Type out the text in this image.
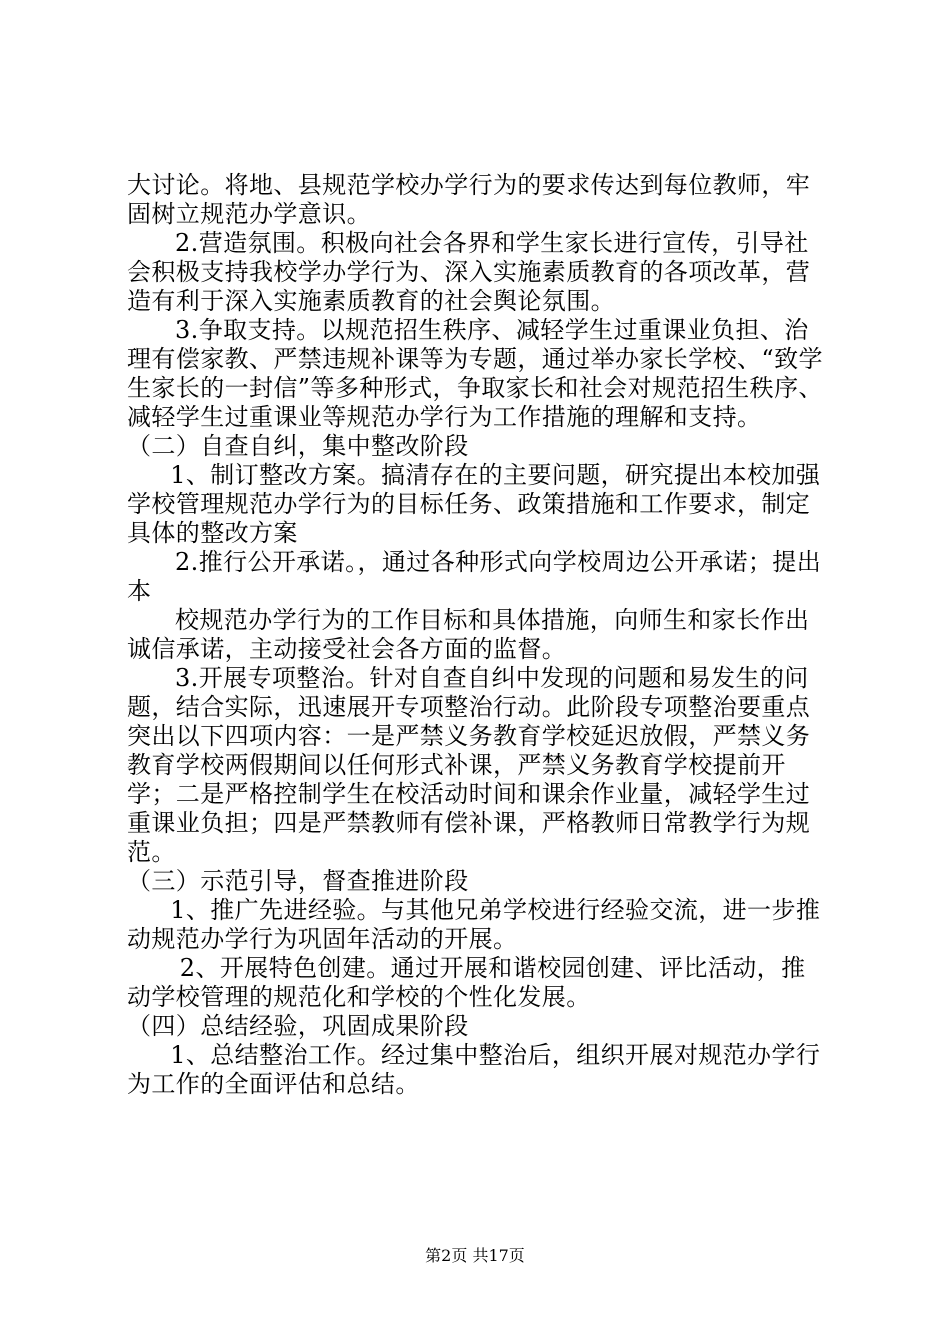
大讨论。将地、县规范学校办学行为的要求传达到每位教师，牢固树立规范办学意识。

2.营造氛围。积极向社会各界和学生家长进行宣传，引导社会积极支持我校学办学行为、深入实施素质教育的各项改革，营造有利于深入实施素质教育的社会舆论氛围。

3.争取支持。以规范招生秩序、减轻学生过重课业负担、治理有偿家教、严禁违规补课等为专题，通过举办家长学校、“致学生家长的一封信”等多种形式，争取家长和社会对规范招生秩序、减轻学生过重课业等规范办学行为工作措施的理解和支持。

（二）自查自纠，集中整改阶段

1、制订整改方案。搞清存在的主要问题，研究提出本校加强学校管理规范办学行为的目标任务、政策措施和工作要求，制定具体的整改方案

2.推行公开承诺。，通过各种形式向学校周边公开承诺；提出本

校规范办学行为的工作目标和具体措施，向师生和家长作出诚信承诺，主动接受社会各方面的监督。

3.开展专项整治。针对自查自纠中发现的问题和易发生的问题，结合实际，迅速展开专项整治行动。此阶段专项整治要重点突出以下四项内容：一是严禁义务教育学校延迟放假，严禁义务教育学校两假期间以任何形式补课，严禁义务教育学校提前开学；二是严格控制学生在校活动时间和课余作业量，减轻学生过重课业负担；四是严禁教师有偿补课，严格教师日常教学行为规范。

（三）示范引导，督查推进阶段

1、推广先进经验。与其他兄弟学校进行经验交流，进一步推动规范办学行为巩固年活动的开展。

2、开展特色创建。通过开展和谐校园创建、评比活动，推动学校管理的规范化和学校的个性化发展。

（四）总结经验，巩固成果阶段

1、总结整治工作。经过集中整治后，组织开展对规范办学行为工作的全面评估和总结。

第2页 共17页
